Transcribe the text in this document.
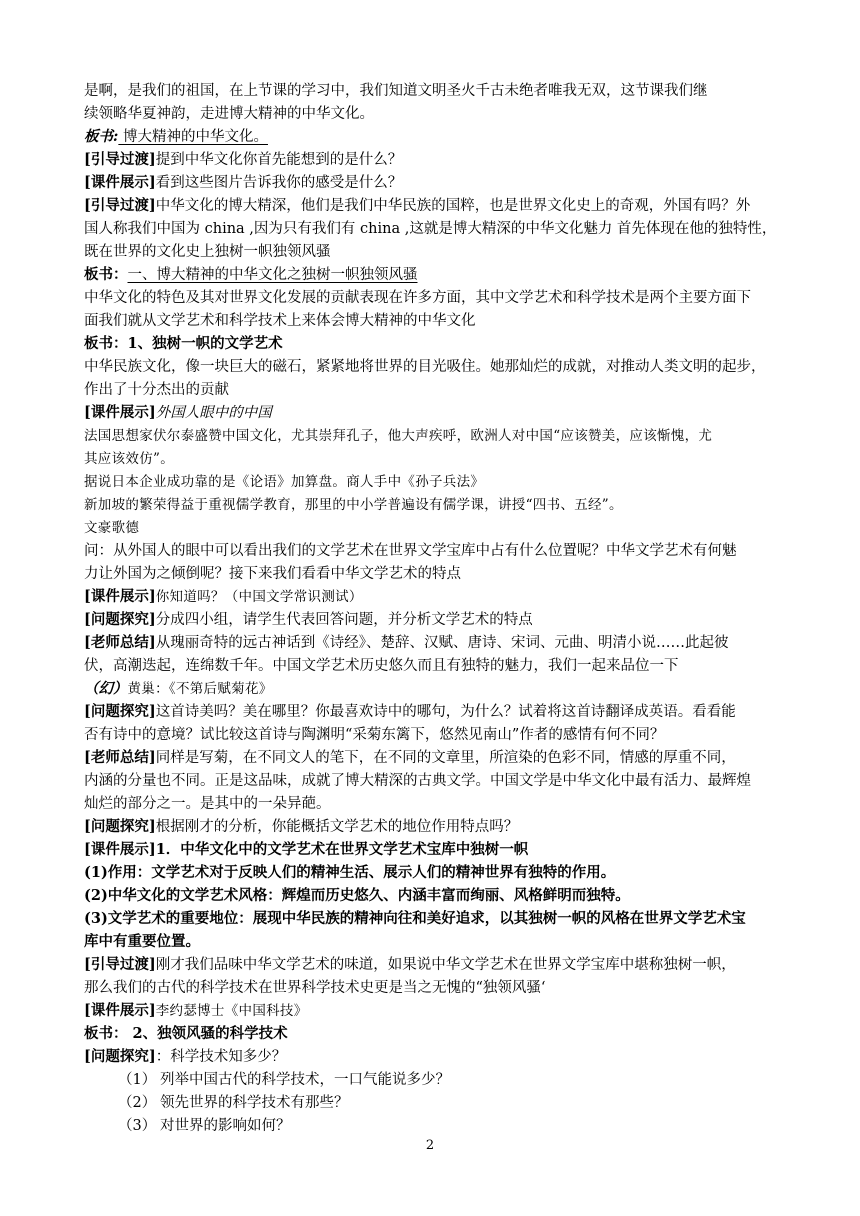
是啊，是我们的祖国，在上节课的学习中，我们知道文明圣火千古未绝者唯我无双，这节课我们继
续领略华夏神韵，走进博大精神的中华文化。
板书: 博大精神的中华文化。
[引导过渡]提到中华文化你首先能想到的是什么？
[课件展示]看到这些图片告诉我你的感受是什么？
[引导过渡]中华文化的博大精深，他们是我们中华民族的国粹，也是世界文化史上的奇观，外国有吗？外
国人称我们中国为 china ,因为只有我们有 china ,这就是博大精深的中华文化魅力 首先体现在他的独特性，
既在世界的文化史上独树一帜独领风骚
板书：一、博大精神的中华文化之独树一帜独领风骚
中华文化的特色及其对世界文化发展的贡献表现在许多方面，其中文学艺术和科学技术是两个主要方面下
面我们就从文学艺术和科学技术上来体会博大精神的中华文化
板书：1、独树一帜的文学艺术
中华民族文化，像一块巨大的磁石，紧紧地将世界的目光吸住。她那灿烂的成就，对推动人类文明的起步，
作出了十分杰出的贡献
[课件展示]外国人眼中的中国
法国思想家伏尔泰盛赞中国文化，尤其崇拜孔子，他大声疾呼，欧洲人对中国“应该赞美，应该惭愧，尤
其应该效仿”。
据说日本企业成功靠的是《论语》加算盘。商人手中《孙子兵法》
新加坡的繁荣得益于重视儒学教育，那里的中小学普遍设有儒学课，讲授“四书、五经”。
文豪歌德
问：从外国人的眼中可以看出我们的文学艺术在世界文学宝库中占有什么位置呢？中华文学艺术有何魅
力让外国为之倾倒呢？接下来我们看看中华文学艺术的特点
[课件展示]你知道吗？（中国文学常识测试）
[问题探究]分成四小组，请学生代表回答问题，并分析文学艺术的特点
[老师总结]从瑰丽奇特的远古神话到《诗经》、楚辞、汉赋、唐诗、宋词、元曲、明清小说……此起彼
伏，高潮迭起，连绵数千年。中国文学艺术历史悠久而且有独特的魅力，我们一起来品位一下
（幻）黄巢：《不第后赋菊花》
[问题探究]这首诗美吗？美在哪里？你最喜欢诗中的哪句，为什么？试着将这首诗翻译成英语。看看能
否有诗中的意境？试比较这首诗与陶渊明“采菊东篱下，悠然见南山”作者的感情有何不同？
[老师总结]同样是写菊，在不同文人的笔下，在不同的文章里，所渲染的色彩不同，情感的厚重不同，
内涵的分量也不同。正是这品味，成就了博大精深的古典文学。中国文学是中华文化中最有活力、最辉煌
灿烂的部分之一。是其中的一朵异葩。
[问题探究]根据刚才的分析，你能概括文学艺术的地位作用特点吗？
[课件展示]1．中华文化中的文学艺术在世界文学艺术宝库中独树一帜
(1)作用：文学艺术对于反映人们的精神生活、展示人们的精神世界有独特的作用。
(2)中华文化的文学艺术风格：辉煌而历史悠久、内涵丰富而绚丽、风格鲜明而独特。
(3)文学艺术的重要地位：展现中华民族的精神向往和美好追求，以其独树一帜的风格在世界文学艺术宝
库中有重要位置。
[引导过渡]刚才我们品味中华文学艺术的味道，如果说中华文学艺术在世界文学宝库中堪称独树一帜，
那么我们的古代的科学技术在世界科学技术史更是当之无愧的“独领风骚‘
[课件展示]李约瑟博士《中国科技》
板书： 2、独领风骚的科学技术
[问题探究]：科学技术知多少？
（1） 列举中国古代的科学技术，一口气能说多少？
（2） 领先世界的科学技术有那些？
（3） 对世界的影响如何？
2
